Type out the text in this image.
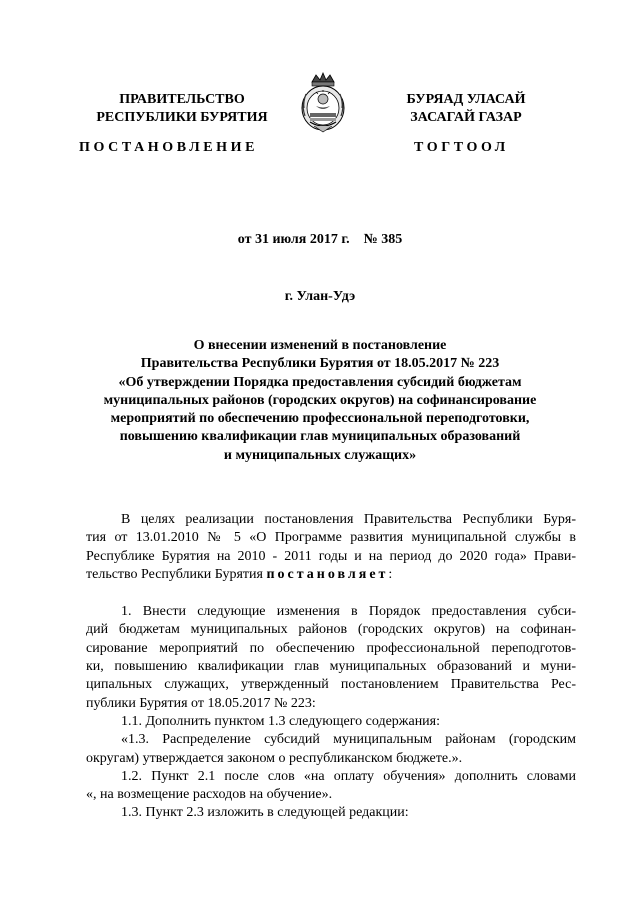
ПРАВИТЕЛЬСТВО
РЕСПУБЛИКИ БУРЯТИЯ
БУРЯАД УЛАСАЙ
ЗАСАГАЙ ГАЗАР
ПОСТАНОВЛЕНИЕ	ТОГТООЛ
от 31 июля 2017 г. № 385
г. Улан-Удэ
О внесении изменений в постановление
Правительства Республики Бурятия от 18.05.2017 № 223
«Об утверждении Порядка предоставления субсидий бюджетам
муниципальных районов (городских округов) на софинансирование
мероприятий по обеспечению профессиональной переподготовки,
повышению квалификации глав муниципальных образований
и муниципальных служащих»
В целях реализации постановления Правительства Республики Буря-
тия от 13.01.2010 № 5 «О Программе развития муниципальной службы в
Республике Бурятия на 2010 - 2011 годы и на период до 2020 года» Прави-
тельство Республики Бурятия постановляет:
1. Внести следующие изменения в Порядок предоставления субси-
дий бюджетам муниципальных районов (городских округов) на софинан-
сирование мероприятий по обеспечению профессиональной переподготов-
ки, повышению квалификации глав муниципальных образований и муни-
ципальных служащих, утвержденный постановлением Правительства Рес-
публики Бурятия от 18.05.2017 № 223:
1.1. Дополнить пунктом 1.3 следующего содержания:
«1.3. Распределение субсидий муниципальным районам (городским
округам) утверждается законом о республиканском бюджете.».
1.2. Пункт 2.1 после слов «на оплату обучения» дополнить словами
«, на возмещение расходов на обучение».
1.3. Пункт 2.3 изложить в следующей редакции:
